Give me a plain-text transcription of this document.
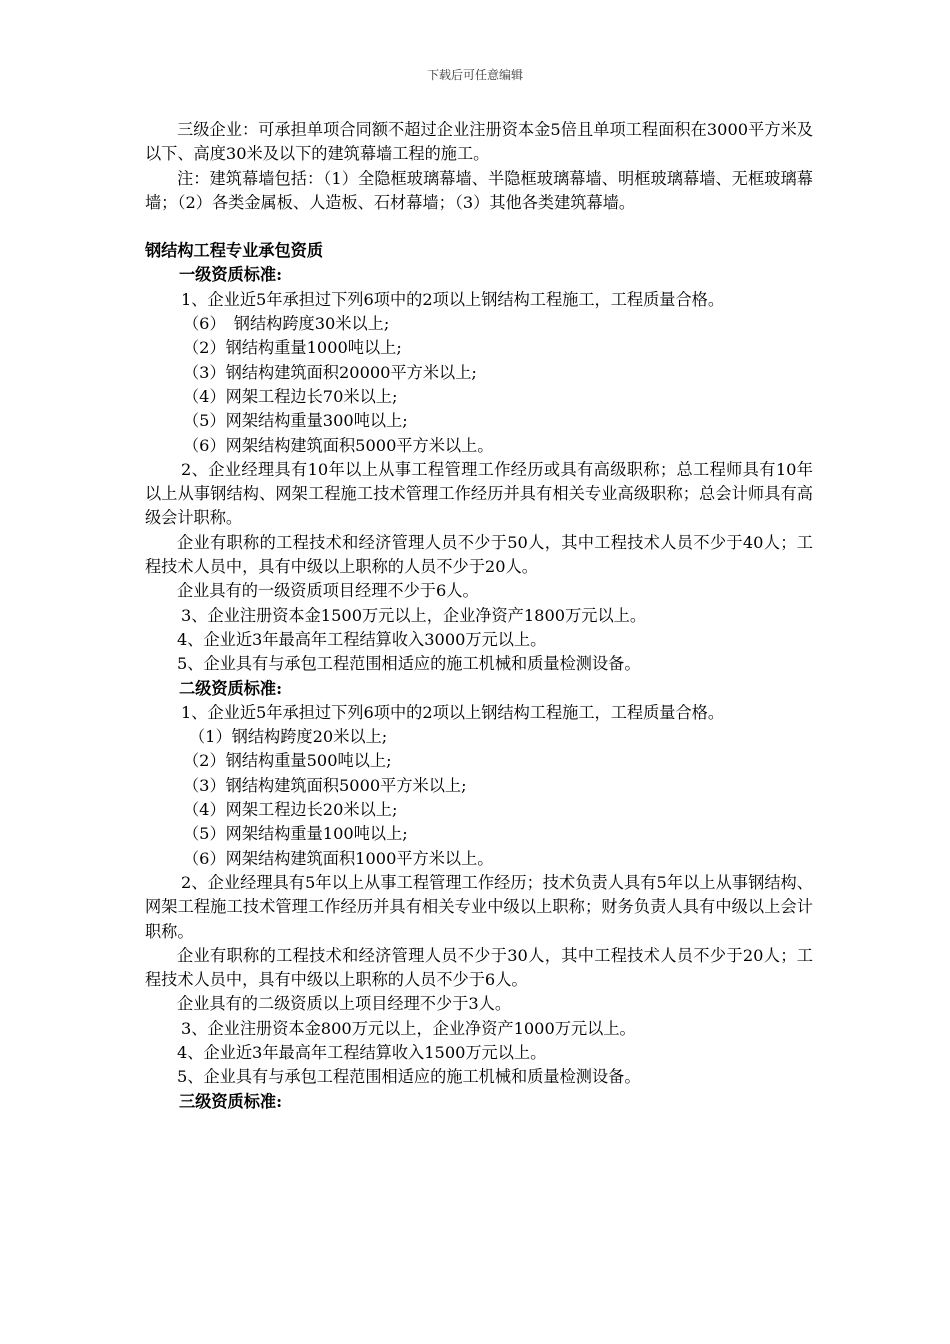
下载后可任意编辑
三级企业：可承担单项合同额不超过企业注册资本金5倍且单项工程面积在3000平方米及以下、高度30米及以下的建筑幕墙工程的施工。
注：建筑幕墙包括：（1）全隐框玻璃幕墙、半隐框玻璃幕墙、明框玻璃幕墙、无框玻璃幕墙；（2）各类金属板、人造板、石材幕墙；（3）其他各类建筑幕墙。
钢结构工程专业承包资质
一级资质标准:
1、企业近5年承担过下列6项中的2项以上钢结构工程施工，工程质量合格。
（6）　钢结构跨度30米以上;
（2）钢结构重量1000吨以上;
（3）钢结构建筑面积20000平方米以上;
（4）网架工程边长70米以上;
（5）网架结构重量300吨以上;
（6）网架结构建筑面积5000平方米以上。
2、企业经理具有10年以上从事工程管理工作经历或具有高级职称；总工程师具有10年以上从事钢结构、网架工程施工技术管理工作经历并具有相关专业高级职称；总会计师具有高级会计职称。
企业有职称的工程技术和经济管理人员不少于50人，其中工程技术人员不少于40人；工程技术人员中，具有中级以上职称的人员不少于20人。
企业具有的一级资质项目经理不少于6人。
3、企业注册资本金1500万元以上，企业净资产1800万元以上。
4、企业近3年最高年工程结算收入3000万元以上。
5、企业具有与承包工程范围相适应的施工机械和质量检测设备。
二级资质标准:
1、企业近5年承担过下列6项中的2项以上钢结构工程施工，工程质量合格。
（1）钢结构跨度20米以上;
（2）钢结构重量500吨以上;
（3）钢结构建筑面积5000平方米以上;
（4）网架工程边长20米以上;
（5）网架结构重量100吨以上;
（6）网架结构建筑面积1000平方米以上。
2、企业经理具有5年以上从事工程管理工作经历；技术负责人具有5年以上从事钢结构、网架工程施工技术管理工作经历并具有相关专业中级以上职称；财务负责人具有中级以上会计职称。
企业有职称的工程技术和经济管理人员不少于30人，其中工程技术人员不少于20人；工程技术人员中，具有中级以上职称的人员不少于6人。
企业具有的二级资质以上项目经理不少于3人。
3、企业注册资本金800万元以上，企业净资产1000万元以上。
4、企业近3年最高年工程结算收入1500万元以上。
5、企业具有与承包工程范围相适应的施工机械和质量检测设备。
三级资质标准:
